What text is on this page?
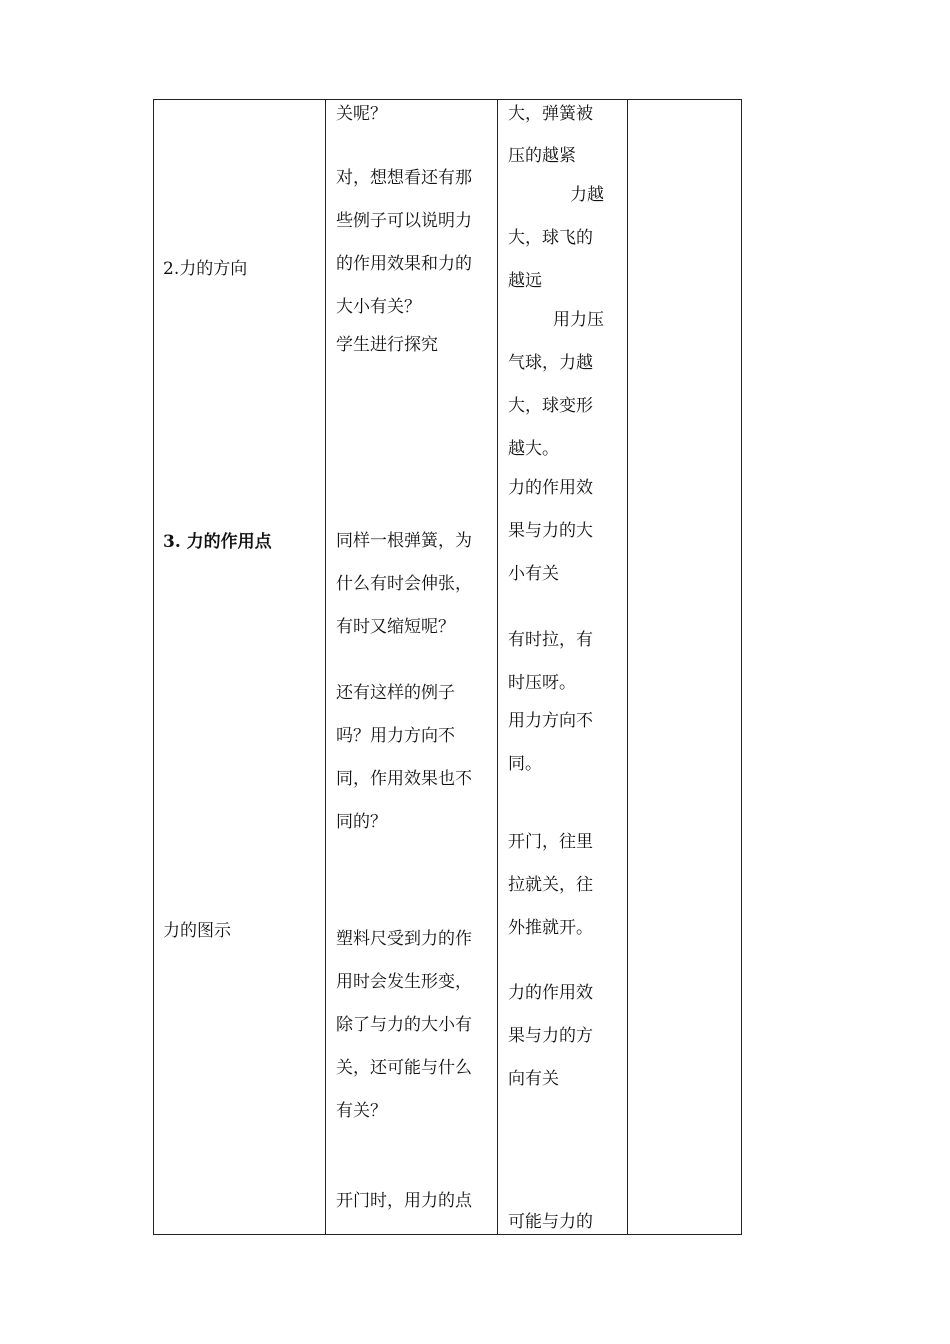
2.力的方向
3. 力的作用点
力的图示
关呢？
对，想想看还有那
些例子可以说明力
的作用效果和力的
大小有关？
学生进行探究
同样一根弹簧，为
什么有时会伸张，
有时又缩短呢？
还有这样的例子
吗？用力方向不
同，作用效果也不
同的？
塑料尺受到力的作
用时会发生形变，
除了与力的大小有
关，还可能与什么
有关？
开门时，用力的点
大，弹簧被
压的越紧
力越
大，球飞的
越远
用力压
气球，力越
大，球变形
越大。
力的作用效
果与力的大
小有关
有时拉，有
时压呀。
用力方向不
同。
开门，往里
拉就关，往
外推就开。
力的作用效
果与力的方
向有关
可能与力的
